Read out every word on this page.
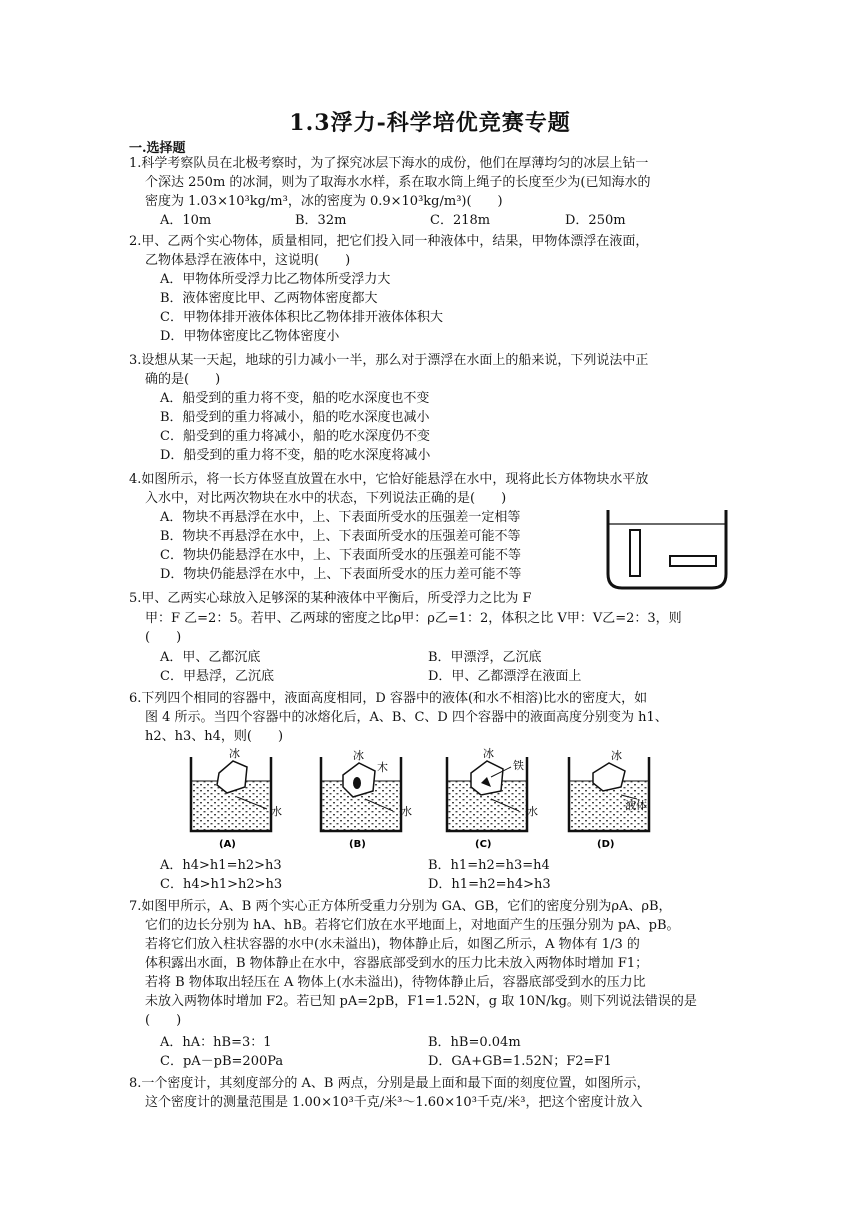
1.3浮力-科学培优竞赛专题
一.选择题
1.科学考察队员在北极考察时，为了探究冰层下海水的成份，他们在厚薄均匀的冰层上钻一
个深达 250m 的冰洞，则为了取海水水样，系在取水筒上绳子的长度至少为(已知海水的
密度为 1.03×10³kg/m³，冰的密度为 0.9×10³kg/m³)(　　)
A．10m	B．32m	C．218m	D．250m
2.甲、乙两个实心物体，质量相同，把它们投入同一种液体中，结果，甲物体漂浮在液面，
乙物体悬浮在液体中，这说明(　　)
A．甲物体所受浮力比乙物体所受浮力大
B．液体密度比甲、乙两物体密度都大
C．甲物体排开液体体积比乙物体排开液体体积大
D．甲物体密度比乙物体密度小
3.设想从某一天起，地球的引力减小一半，那么对于漂浮在水面上的船来说，下列说法中正
确的是(　　)
A．船受到的重力将不变，船的吃水深度也不变
B．船受到的重力将减小，船的吃水深度也减小
C．船受到的重力将减小，船的吃水深度仍不变
D．船受到的重力将不变，船的吃水深度将减小
4.如图所示，将一长方体竖直放置在水中，它恰好能悬浮在水中，现将此长方体物块水平放
入水中，对比两次物块在水中的状态，下列说法正确的是(　　)
A．物块不再悬浮在水中，上、下表面所受水的压强差一定相等
B．物块不再悬浮在水中，上、下表面所受水的压强差可能不等
C．物块仍能悬浮在水中，上、下表面所受水的压强差可能不等
D．物块仍能悬浮在水中，上、下表面所受水的压力差可能不等
5.甲、乙两实心球放入足够深的某种液体中平衡后，所受浮力之比为 F
甲：F 乙=2：5。若甲、乙两球的密度之比ρ甲：ρ乙=1：2，体积之比 V甲：V乙=2：3，则
(　　)
A．甲、乙都沉底	B．甲漂浮，乙沉底
C．甲悬浮，乙沉底	D．甲、乙都漂浮在液面上
6.下列四个相同的容器中，液面高度相同，D 容器中的液体(和水不相溶)比水的密度大，如
图 4 所示。当四个容器中的冰熔化后，A、B、C、D 四个容器中的液面高度分别变为 h1、
h2、h3、h4，则(　　)
冰
水
(A)
冰
木
水
(B)
冰
铁
水
(C)
冰
液体
(D)
A．h4>h1=h2>h3	B．h1=h2=h3=h4
C．h4>h1>h2>h3	D．h1=h2=h4>h3
7.如图甲所示，A、B 两个实心正方体所受重力分别为 GA、GB，它们的密度分别为ρA、ρB，
它们的边长分别为 hA、hB。若将它们放在水平地面上，对地面产生的压强分别为 pA、pB。
若将它们放入柱状容器的水中(水未溢出)，物体静止后，如图乙所示，A 物体有 1/3 的
体积露出水面，B 物体静止在水中，容器底部受到水的压力比未放入两物体时增加 F1；
若将 B 物体取出轻压在 A 物体上(水未溢出)，待物体静止后，容器底部受到水的压力比
未放入两物体时增加 F2。若已知 pA=2pB，F1=1.52N，g 取 10N/kg。则下列说法错误的是
(　　)
A．hA：hB=3：1	B．hB=0.04m
C．pA－pB=200Pa	D．GA+GB=1.52N；F2=F1
8.一个密度计，其刻度部分的 A、B 两点，分别是最上面和最下面的刻度位置，如图所示，
这个密度计的测量范围是 1.00×10³千克/米³～1.60×10³千克/米³，把这个密度计放入
